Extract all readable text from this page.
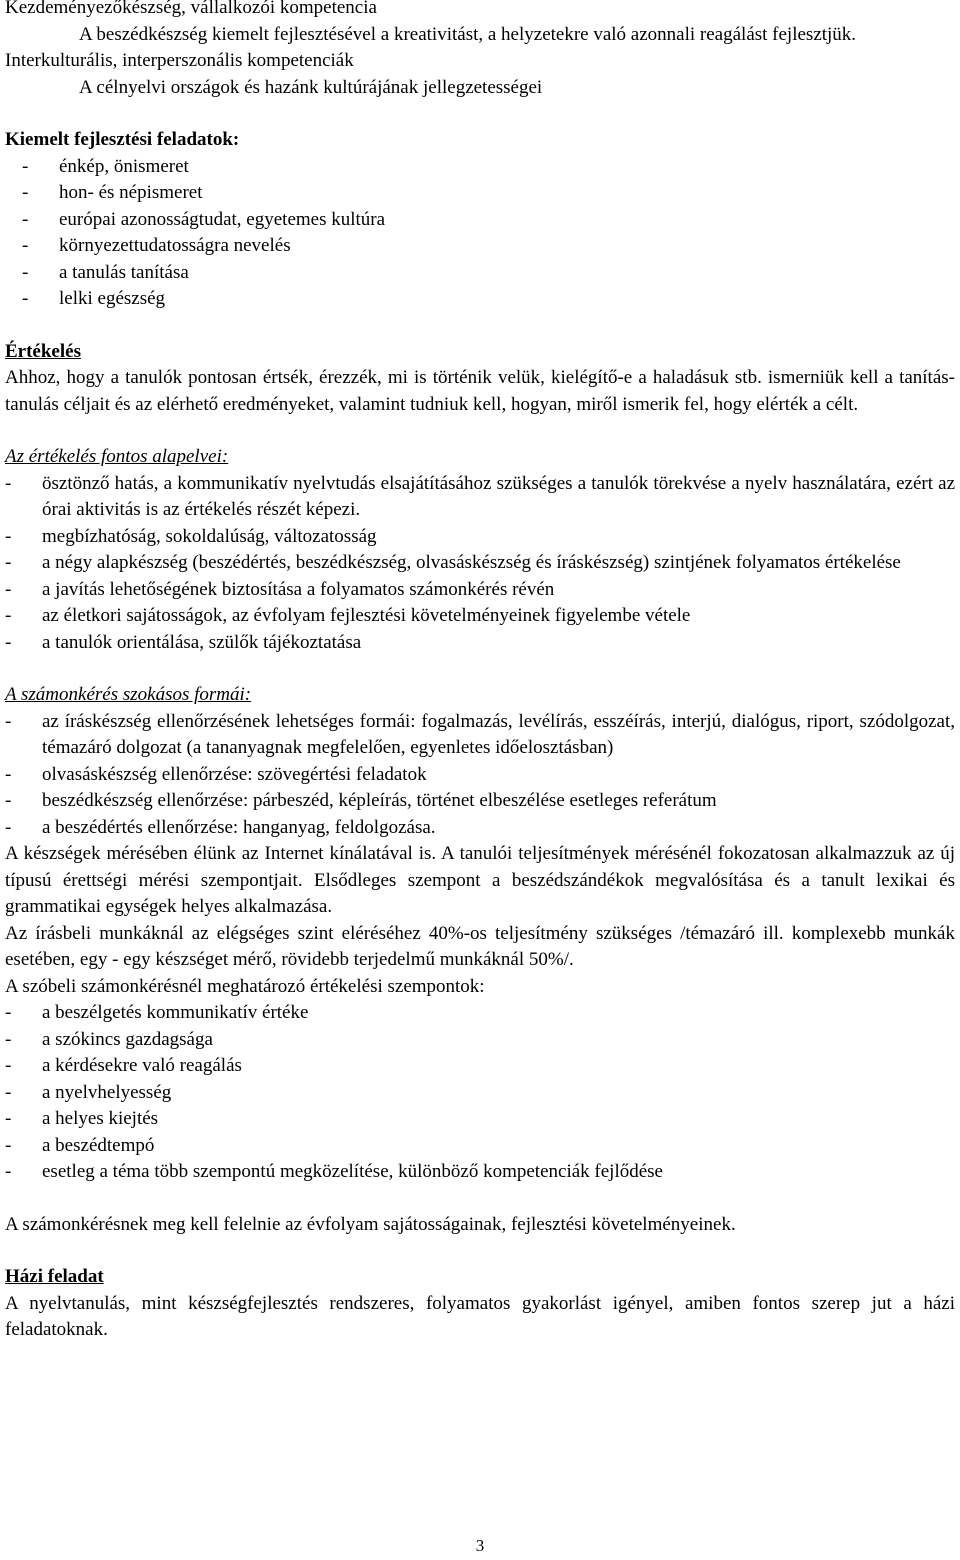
Kezdeményezőkészség, vállalkozói kompetencia

A beszédkészség kiemelt fejlesztésével a kreativitást, a helyzetekre való azonnali reagálást fejlesztjük.

Interkulturális, interperszonális kompetenciák

A célnyelvi országok és hazánk kultúrájának jellegzetességei

Kiemelt fejlesztési feladatok:

- énkép, önismeret
- hon- és népismeret
- európai azonosságtudat, egyetemes kultúra
- környezettudatosságra nevelés
- a tanulás tanítása
- lelki egészség

Értékelés

Ahhoz, hogy a tanulók pontosan értsék, érezzék, mi is történik velük, kielégítő-e a haladásuk stb. ismerniük kell a tanítás-tanulás céljait és az elérhető eredményeket, valamint tudniuk kell, hogyan, miről ismerik fel, hogy elérték a célt.

Az értékelés fontos alapelvei:

- ösztönző hatás, a kommunikatív nyelvtudás elsajátításához szükséges a tanulók törekvése a nyelv használatára, ezért az órai aktivitás is az értékelés részét képezi.
- megbízhatóság, sokoldalúság, változatosság
- a négy alapkészség (beszédértés, beszédkészség, olvasáskészség és íráskészség) szintjének folyamatos értékelése
- a javítás lehetőségének biztosítása a folyamatos számonkérés révén
- az életkori sajátosságok, az évfolyam fejlesztési követelményeinek figyelembe vétele
- a tanulók orientálása, szülők tájékoztatása

A számonkérés szokásos formái:

- az íráskészség ellenőrzésének lehetséges formái: fogalmazás, levélírás, esszéírás, interjú, dialógus, riport, szódolgozat, témazáró dolgozat (a tananyagnak megfelelően, egyenletes időelosztásban)
- olvasáskészség ellenőrzése: szövegértési feladatok
- beszédkészség ellenőrzése: párbeszéd, képleírás, történet elbeszélése esetleges referátum
- a beszédértés ellenőrzése: hanganyag, feldolgozása.

A készségek mérésében élünk az Internet kínálatával is. A tanulói teljesítmények mérésénél fokozatosan alkalmazzuk az új típusú érettségi mérési szempontjait. Elsődleges szempont a beszédszándékok megvalósítása és a tanult lexikai és grammatikai egységek helyes alkalmazása.

Az írásbeli munkáknál az elégséges szint eléréséhez 40%-os teljesítmény szükséges /témazáró ill. komplexebb munkák esetében, egy - egy készséget mérő, rövidebb terjedelmű munkáknál 50%/.

A szóbeli számonkérésnél meghatározó értékelési szempontok:

- a beszélgetés kommunikatív értéke
- a szókincs gazdagsága
- a kérdésekre való reagálás
- a nyelvhelyesség
- a helyes kiejtés
- a beszédtempó
- esetleg a téma több szempontú megközelítése, különböző kompetenciák fejlődése

A számonkérésnek meg kell felelnie az évfolyam sajátosságainak, fejlesztési követelményeinek.

Házi feladat

A nyelvtanulás, mint készségfejlesztés rendszeres, folyamatos gyakorlást igényel, amiben fontos szerep jut a házi feladatoknak.

3
